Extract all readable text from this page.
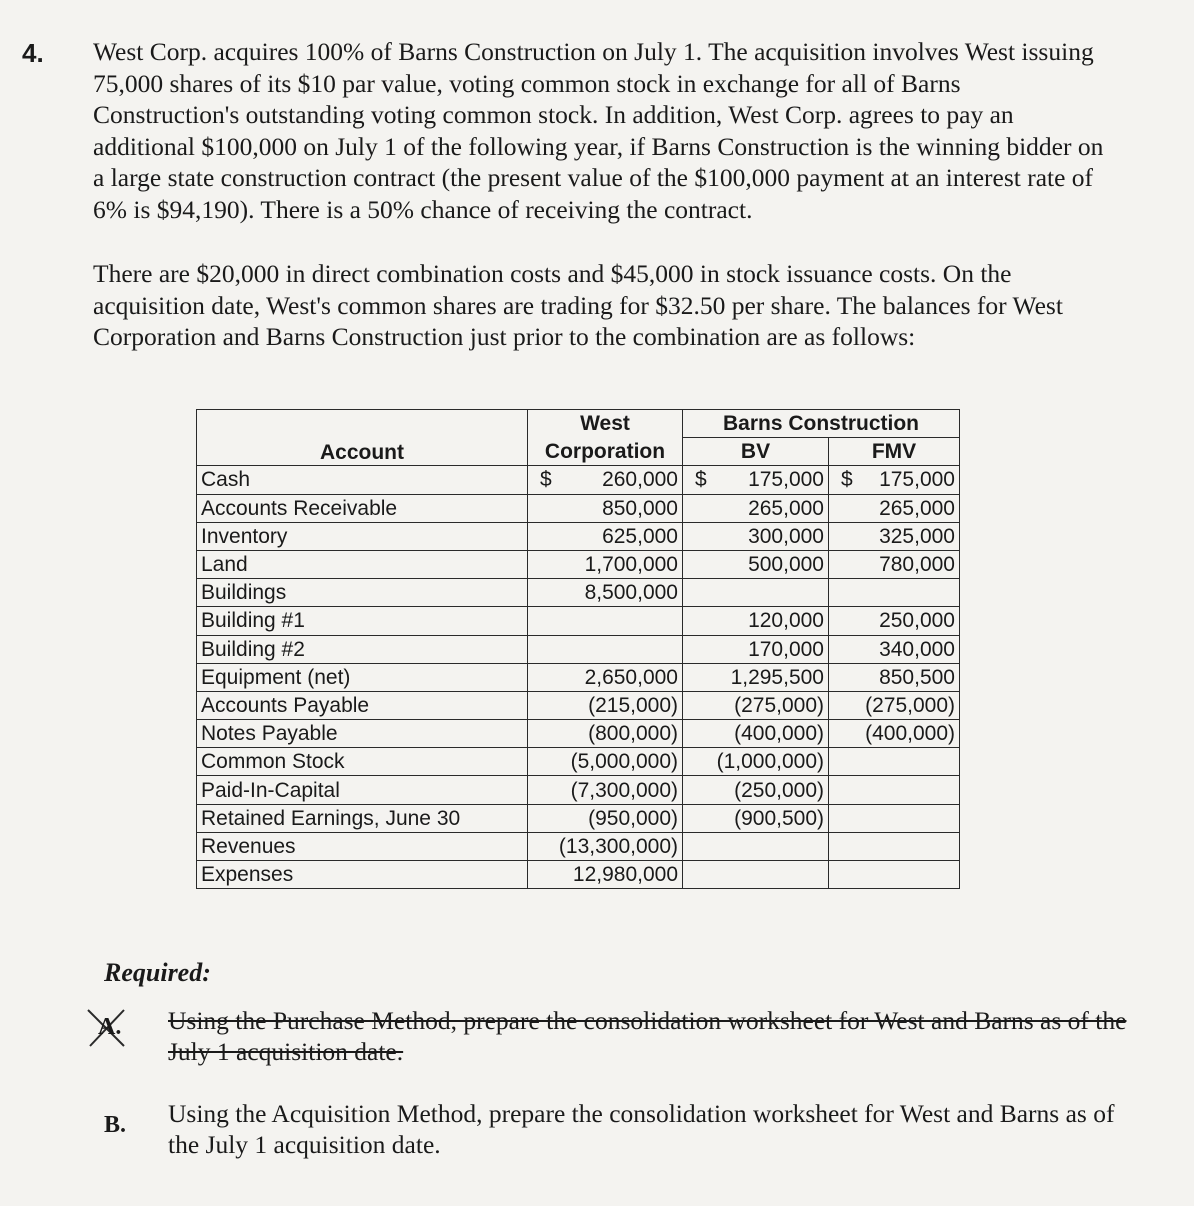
4. West Corp. acquires 100% of Barns Construction on July 1. The acquisition involves West issuing
75,000 shares of its $10 par value, voting common stock in exchange for all of Barns
Construction's outstanding voting common stock. In addition, West Corp. agrees to pay an
additional $100,000 on July 1 of the following year, if Barns Construction is the winning bidder on
a large state construction contract (the present value of the $100,000 payment at an interest rate of
6% is $94,190). There is a 50% chance of receiving the contract.

There are $20,000 in direct combination costs and $45,000 in stock issuance costs. On the
acquisition date, West's common shares are trading for $32.50 per share. The balances for West
Corporation and Barns Construction just prior to the combination are as follows:

Account	West	Barns Construction	
	Corporation	BV	FMV
Cash	$ 260,000	$ 175,000	$ 175,000

Accounts Receivable	850,000	265,000	265,000

Inventory	625,000	300,000	325,000

Land	1,700,000	500,000	780,000

Buildings	8,500,000		

Building #1		120,000	250,000

Building #2		170,000	340,000

Equipment (net)	2,650,000	1,295,500	850,500

Accounts Payable	(215,000)	(275,000)	(275,000)

Notes Payable	(800,000)	(400,000)	(400,000)

Common Stock	(5,000,000)	(1,000,000)	

Paid-In-Capital	(7,300,000)	(250,000)	

Retained Earnings, June 30	(950,000)	(900,500)	

Revenues	(13,300,000)		

Expenses	12,980,000		

Required:
A. Using the Purchase Method, prepare the consolidation worksheet for West and Barns as of the
July 1 acquisition date.
B. Using the Acquisition Method, prepare the consolidation worksheet for West and Barns as of
the July 1 acquisition date.
